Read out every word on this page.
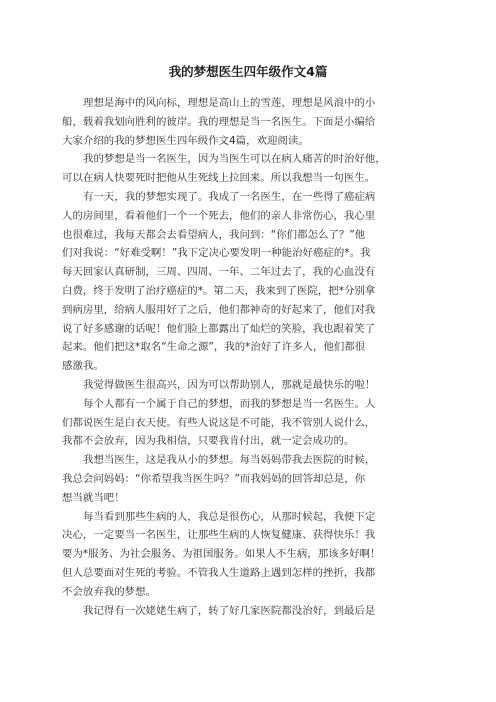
我的梦想医生四年级作文4篇
理想是海中的风向标，理想是高山上的雪莲，理想是风浪中的小
船，载着我划向胜利的彼岸。我的理想是当一名医生。下面是小编给
大家介绍的我的梦想医生四年级作文4篇，欢迎阅读。
我的梦想是当一名医生，因为当医生可以在病人痛苦的时治好他，
可以在病人快要死时把他从生死线上拉回来。所以我想当一句医生。
有一天，我的梦想实现了。我成了一名医生，在一些得了癌症病
人的房间里，看着他们一个一个死去，他们的亲人非常伤心，我心里
也很难过，我每天都会去看望病人，我问到：“你们都怎么了？”他
们对我说：“好难受啊！”我下定决心要发明一种能治好癌症的*。我
每天回家认真研制，三周、四周、一年、二年过去了，我的心血没有
白费，终于发明了治疗癌症的*。第二天，我来到了医院，把*分别拿
到病房里，给病人服用好了之后，他们都神奇的好起来了，他们对我
说了好多感谢的话呢！他们脸上都露出了灿烂的笑脸，我也跟着笑了
起来。他们把这*取名“生命之源”，我的*治好了许多人，他们都很
感激我。
我觉得做医生很高兴，因为可以帮助别人，那就是最快乐的啦！
每个人都有一个属于自己的梦想，而我的梦想是当一名医生。人
们都说医生是白衣天使。有些人说这是不可能，我不管别人说什么，
我都不会放弃，因为我相信，只要我肯付出，就一定会成功的。
我想当医生，这是我从小的梦想。每当妈妈带我去医院的时候，
我总会问妈妈：“你希望我当医生吗？”而我妈妈的回答却总是，你
想当就当吧！
每当看到那些生病的人，我总是很伤心，从那时候起，我便下定
决心，一定要当一名医生，让那些生病的人恢复健康、获得快乐！我
要为*服务、为社会服务、为祖国服务。如果人不生病，那该多好啊！
但人总要面对生死的考验。不管我人生道路上遇到怎样的挫折，我都
不会放弃我的梦想。
我记得有一次姥姥生病了，转了好几家医院都没治好，到最后是
